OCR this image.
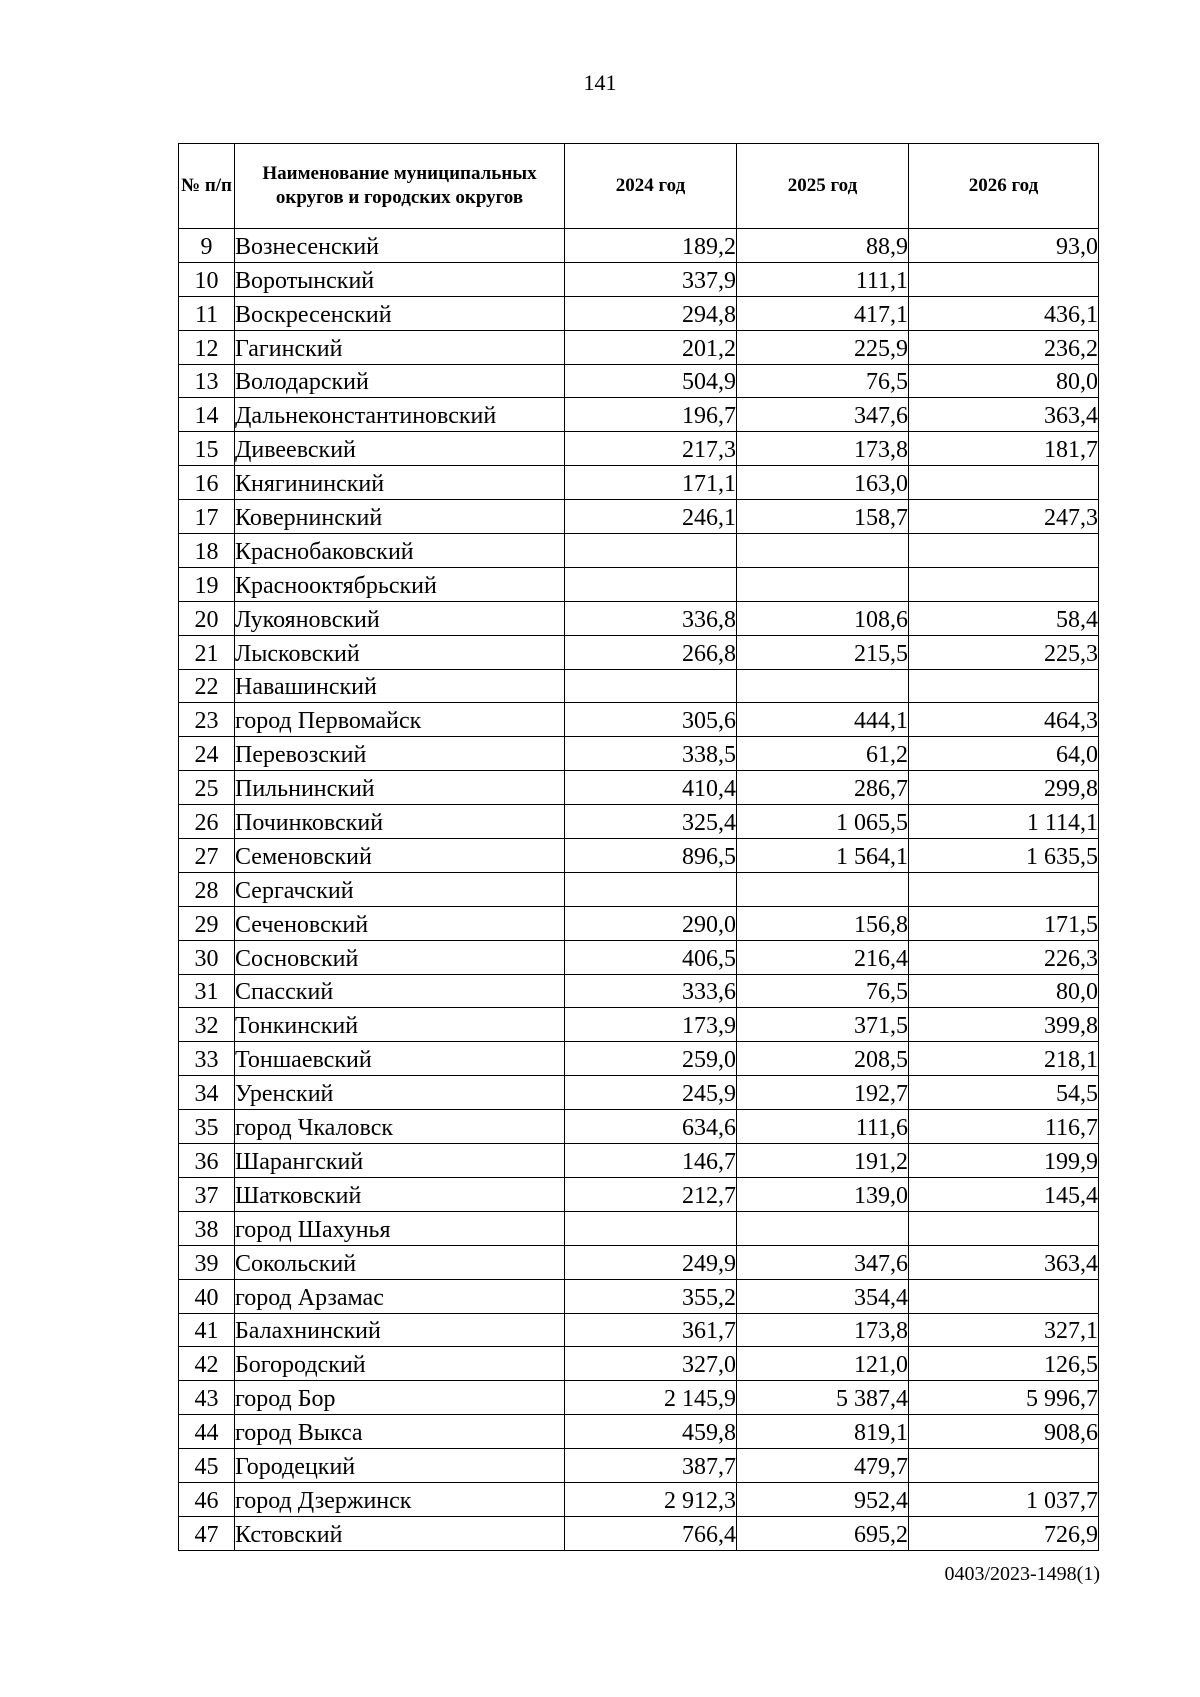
141
№ п/п	Наименование муниципальных округов и городских округов	2024 год	2025 год	2026 год
9	Вознесенский	189,2	88,9	93,0
10	Воротынский	337,9	111,1	
11	Воскресенский	294,8	417,1	436,1
12	Гагинский	201,2	225,9	236,2
13	Володарский	504,9	76,5	80,0
14	Дальнеконстантиновский	196,7	347,6	363,4
15	Дивеевский	217,3	173,8	181,7
16	Княгининский	171,1	163,0	
17	Ковернинский	246,1	158,7	247,3
18	Краснобаковский			
19	Краснооктябрьский			
20	Лукояновский	336,8	108,6	58,4
21	Лысковский	266,8	215,5	225,3
22	Навашинский			
23	город Первомайск	305,6	444,1	464,3
24	Перевозский	338,5	61,2	64,0
25	Пильнинский	410,4	286,7	299,8
26	Починковский	325,4	1 065,5	1 114,1
27	Семеновский	896,5	1 564,1	1 635,5
28	Сергачский			
29	Сеченовский	290,0	156,8	171,5
30	Сосновский	406,5	216,4	226,3
31	Спасский	333,6	76,5	80,0
32	Тонкинский	173,9	371,5	399,8
33	Тоншаевский	259,0	208,5	218,1
34	Уренский	245,9	192,7	54,5
35	город Чкаловск	634,6	111,6	116,7
36	Шарангский	146,7	191,2	199,9
37	Шатковский	212,7	139,0	145,4
38	город Шахунья			
39	Сокольский	249,9	347,6	363,4
40	город Арзамас	355,2	354,4	
41	Балахнинский	361,7	173,8	327,1
42	Богородский	327,0	121,0	126,5
43	город Бор	2 145,9	5 387,4	5 996,7
44	город Выкса	459,8	819,1	908,6
45	Городецкий	387,7	479,7	
46	город Дзержинск	2 912,3	952,4	1 037,7
47	Кстовский	766,4	695,2	726,9
0403/2023-1498(1)
